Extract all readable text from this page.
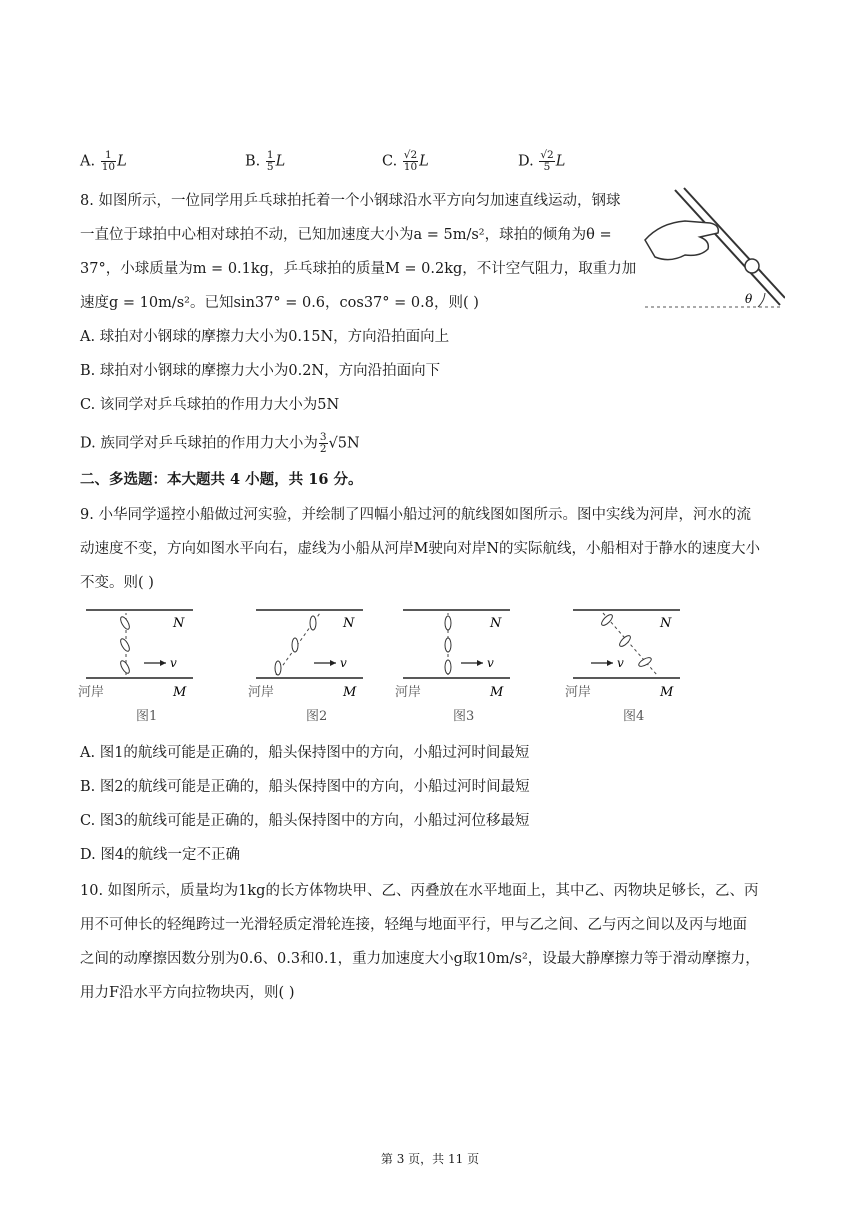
A. $\frac{1}{10}$ L	B. $\frac{1}{5}$ L	C. $\frac{√2}{10}$ L	D. $\frac{√2}{5}$ L
8. 如图所示，一位同学用乒乓球拍托着一个小钢球沿水平方向匀加速直线运动，钢球
一直位于球拍中心相对球拍不动，已知加速度大小为a = 5m/s²，球拍的倾角为θ =
37°，小球质量为m = 0.1kg，乒乓球拍的质量M = 0.2kg，不计空气阻力，取重力加
速度g = 10m/s²。已知sin37° = 0.6，cos37° = 0.8，则( )	θ
A. 球拍对小钢球的摩擦力大小为0.15N，方向沿拍面向上
B. 球拍对小钢球的摩擦力大小为0.2N，方向沿拍面向下
C. 该同学对乒乓球拍的作用力大小为5N
D. 族同学对乒乓球拍的作用力大小为 $\frac{3}{2} √5N$
二、多选题：本大题共 4 小题，共 16 分。
9. 小华同学遥控小船做过河实验，并绘制了四幅小船过河的航线图如图所示。图中实线为河岸，河水的流
动速度不变，方向如图水平向右，虚线为小船从河岸M驶向对岸N的实际航线，小船相对于静水的速度大小
不变。则( )
v
N
河岸	M
图1
v
N
河岸	M
图2
v
N
河岸	M
图3
v
N
河岸	M
图4
A. 图1的航线可能是正确的，船头保持图中的方向，小船过河时间最短
B. 图2的航线可能是正确的，船头保持图中的方向，小船过河时间最短
C. 图3的航线可能是正确的，船头保持图中的方向，小船过河位移最短
D. 图4的航线一定不正确
10. 如图所示，质量均为1kg的长方体物块甲、乙、丙叠放在水平地面上，其中乙、丙物块足够长，乙、丙
用不可伸长的轻绳跨过一光滑轻质定滑轮连接，轻绳与地面平行，甲与乙之间、乙与丙之间以及丙与地面
之间的动摩擦因数分别为0.6、0.3和0.1，重力加速度大小g取10m/s²，设最大静摩擦力等于滑动摩擦力，
用力F沿水平方向拉物块丙，则( )
第 3 页，共 11 页
